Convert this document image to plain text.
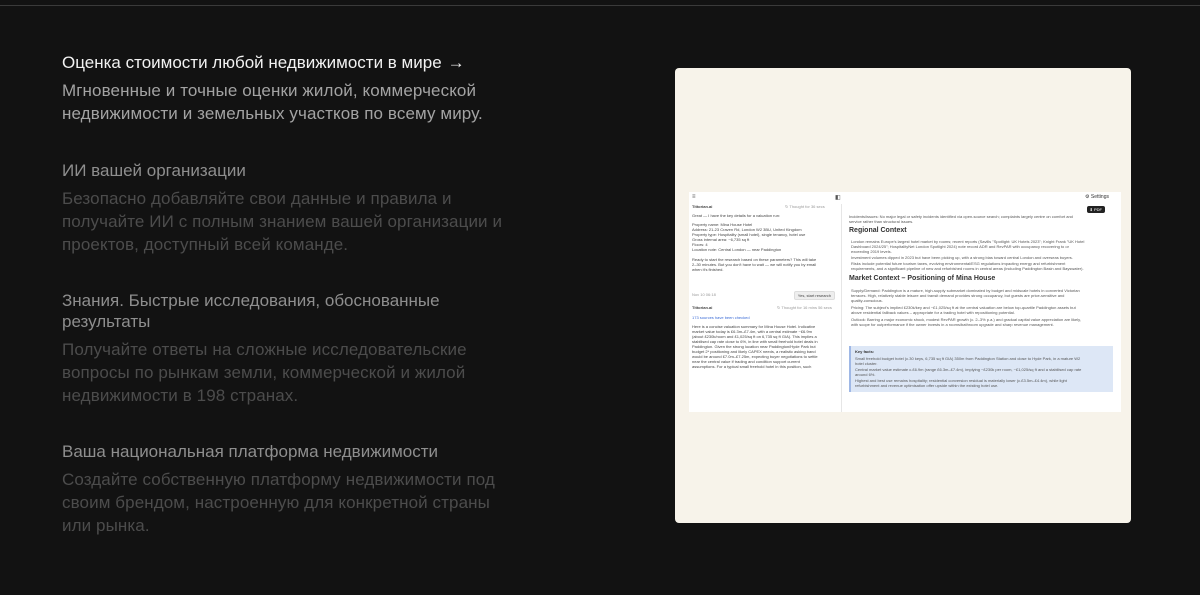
Оценка стоимости любой недвижимости в мире →
Мгновенные и точные оценки жилой, коммерческой
недвижимости и земельных участков по всему миру.
ИИ вашей организации
Безопасно добавляйте свои данные и правила и
получайте ИИ с полным знанием вашей организации и
проектов, доступный всей команде.
Знания. Быстрые исследования, обоснованные
результаты
Получайте ответы на сложные исследовательские
вопросы по рынкам земли, коммерческой и жилой
недвижимости в 198 странах.
Ваша национальная платформа недвижимости
Создайте собственную платформу недвижимости под
своим брендом, настроенную для конкретной страны
или рынка.
≡	◧	⚙ Settings
⬇ PDF
Tittorian.ai	↻ Thought for 36 secs
Great — I have the key details for a valuation run:
Property name: Mina House Hotel
Address: 21-23 Craven Rd, London W2 3BU, United Kingdom
Property type: Hospitality (small hotel), single tenancy, hotel use
Gross internal area: ~6,735 sq ft
Floors: 4
Location note: Central London — near Paddington
Ready to start the research based on these parameters? This will take
2–30 minutes. But you don't have to wait — we will notify you by email
when it's finished.
Nov 10 06:18	Yes, start research
Tittorian.ai	↻ Thought for 16 mins 56 secs
173 sources have been checked
Here is a concise valuation summary for Mina House Hotel. Indicative
market value today is £6.3m–£7.4m, with a central estimate ~£6.9m
(about £230k/room and £1,025/sq ft on 6,735 sq ft GIA). This implies a
stabilised cap rate close to 6%, in line with small freehold hotel deals in
Paddington. Given the strong location near Paddington/Hyde Park but
budget 2* positioning and likely CAPEX needs, a realistic asking band
would be around £7.0m–£7.25m, expecting buyer negotiations to settle
near the central value if trading and condition support current
assumptions. For a typical small freehold hotel in this position, such
Incidents/issues: No major legal or safety incidents identified via open-source search; complaints largely centre on comfort and
service rather than structural issues.
Regional Context
London remains Europe's largest hotel market by rooms; recent reports (Savills "Spotlight: UK Hotels 2023"; Knight Frank "UK Hotel
Dashboard 2024/25"; HospitalityNet London Spotlight 2024) note record ADR and RevPAR with occupancy recovering to or
exceeding 2019 levels.
Investment volumes dipped in 2023 but have been picking up, with a strong bias toward central London and overseas buyers.
Risks include potential future tourism taxes, evolving environmental/ESG regulations impacting energy and refurbishment
requirements, and a significant pipeline of new and refurbished rooms in central areas (including Paddington Basin and Bayswater).
Market Context – Positioning of Mina House
Supply/Demand: Paddington is a mature, high-supply submarket dominated by budget and midscale hotels in converted Victorian
terraces. High, relatively stable leisure and transit demand provides strong occupancy, but guests are price-sensitive and
quality-conscious.
Pricing: The subject's implied £230k/key and ~£1,025/sq ft at the central valuation are below top-quartile Paddington assets but
above residential fallback values – appropriate for a trading hotel with repositioning potential.
Outlook: Barring a major economic shock, modest RevPAR growth (c. 2–3% p.a.) and gradual capital value appreciation are likely,
with scope for outperformance if the owner invests in a rooms/bathroom upgrade and sharp revenue management.
Key facts:
Small freehold budget hotel (c.30 keys, 6,735 sq ft GIA) 350m from Paddington Station and close to Hyde Park, in a mature W2
hotel cluster.
Central market value estimate c.£6.9m (range £6.3m–£7.4m), implying ~£230k per room, ~£1,025/sq ft and a stabilised cap rate
around 6%.
Highest and best use remains hospitality; residential conversion residual is materially lower (c.£3.5m–£4.4m), while light
refurbishment and revenue optimisation offer upside within the existing hotel use.
